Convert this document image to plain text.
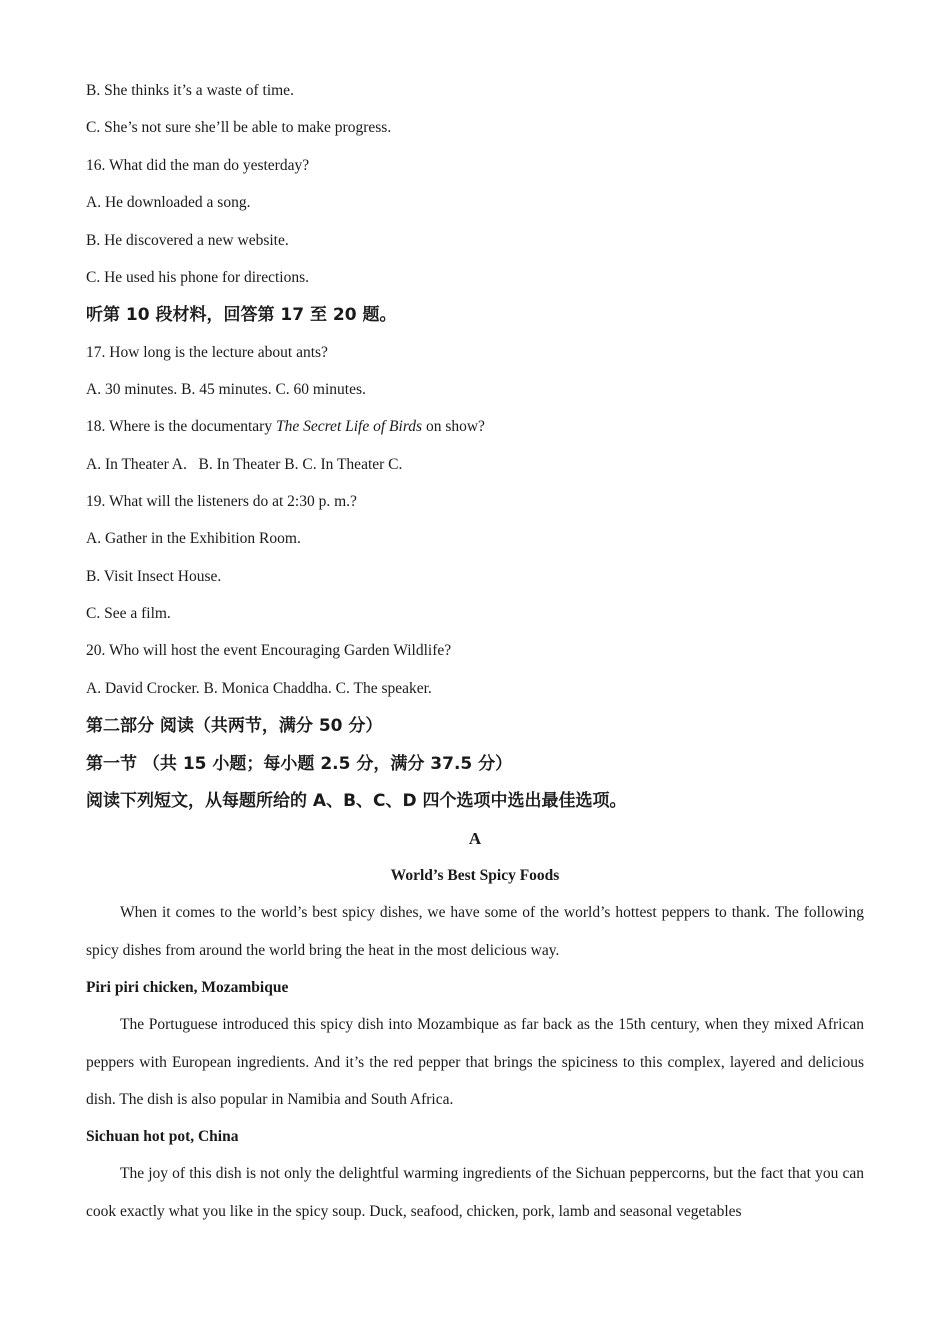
B. She thinks it’s a waste of time.
C. She’s not sure she’ll be able to make progress.
16. What did the man do yesterday?
A. He downloaded a song.
B. He discovered a new website.
C. He used his phone for directions.
听第 10 段材料，回答第 17 至 20 题。
17. How long is the lecture about ants?
A. 30 minutes. B. 45 minutes. C. 60 minutes.
18. Where is the documentary The Secret Life of Birds on show?
A. In Theater A.   B. In Theater B. C. In Theater C.
19. What will the listeners do at 2:30 p. m.?
A. Gather in the Exhibition Room.
B. Visit Insect House.
C. See a film.
20. Who will host the event Encouraging Garden Wildlife?
A. David Crocker. B. Monica Chaddha. C. The speaker.
第二部分 阅读（共两节，满分 50 分）
第一节 （共 15 小题；每小题 2.5 分，满分 37.5 分）
阅读下列短文，从每题所给的 A、B、C、D 四个选项中选出最佳选项。
A
World’s Best Spicy Foods
When it comes to the world’s best spicy dishes, we have some of the world’s hottest peppers to thank. The following spicy dishes from around the world bring the heat in the most delicious way.
Piri piri chicken, Mozambique
The Portuguese introduced this spicy dish into Mozambique as far back as the 15th century, when they mixed African peppers with European ingredients. And it’s the red pepper that brings the spiciness to this complex, layered and delicious dish. The dish is also popular in Namibia and South Africa.
Sichuan hot pot, China
The joy of this dish is not only the delightful warming ingredients of the Sichuan peppercorns, but the fact that you can cook exactly what you like in the spicy soup. Duck, seafood, chicken, pork, lamb and seasonal vegetables
